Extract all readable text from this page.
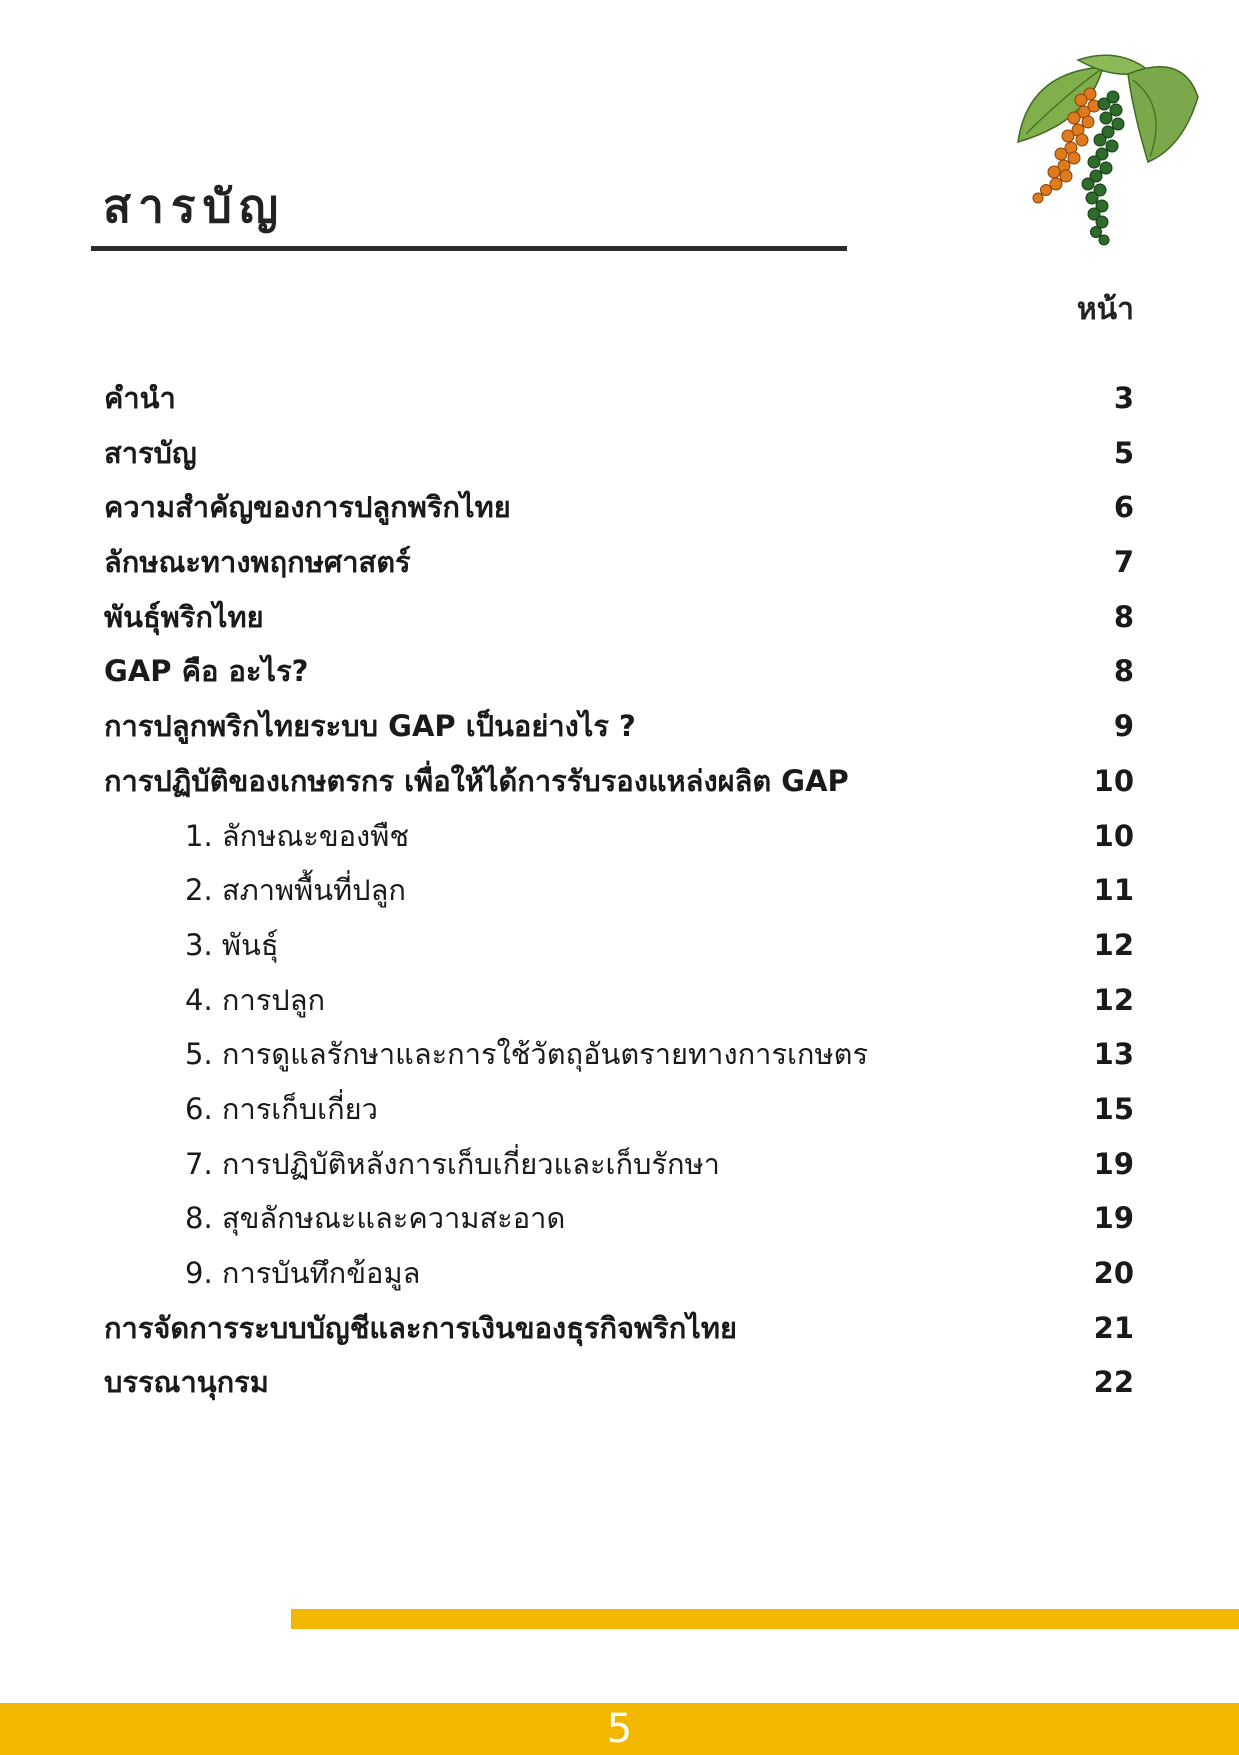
สารบัญ
หน้า
คำนำ	3
สารบัญ	5
ความสำคัญของการปลูกพริกไทย	6
ลักษณะทางพฤกษศาสตร์	7
พันธุ์พริกไทย	8
GAP คือ อะไร?	8
การปลูกพริกไทยระบบ GAP เป็นอย่างไร ?	9
การปฏิบัติของเกษตรกร เพื่อให้ได้การรับรองแหล่งผลิต GAP	10
1. ลักษณะของพืช	10
2. สภาพพื้นที่ปลูก	11
3. พันธุ์	12
4. การปลูก	12
5. การดูแลรักษาและการใช้วัตถุอันตรายทางการเกษตร	13
6. การเก็บเกี่ยว	15
7. การปฏิบัติหลังการเก็บเกี่ยวและเก็บรักษา	19
8. สุขลักษณะและความสะอาด	19
9. การบันทึกข้อมูล	20
การจัดการระบบบัญชีและการเงินของธุรกิจพริกไทย	21
บรรณานุกรม	22
5
